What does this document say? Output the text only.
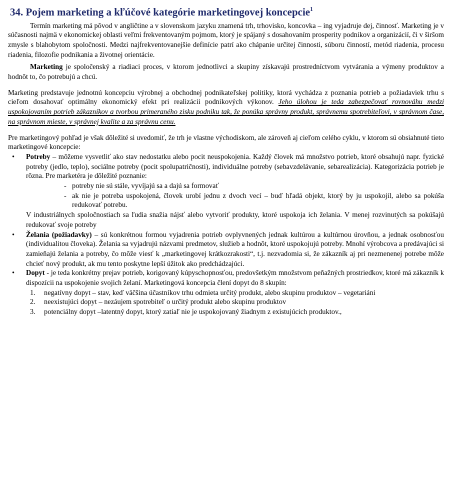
34. Pojem marketing a kľúčové kategórie marketingovej koncepcie$^1$

Termín marketing má pôvod v angličtine a v slovenskom jazyku znamená trh, trhovisko, koncovka – ing vyjadruje dej, činnosť. Marketing je v súčasnosti najmä v ekonomickej oblasti veľmi frekventovaným pojmom, ktorý je spájaný s dosahovaním prosperity podnikov a organizácií, či v širšom zmysle s blahobytom spoločnosti. Medzi najfrekventovanejšie definície patrí ako chápanie určitej činnosti, súboru činností, metód riadenia, procesu riadenia, filozofie podnikania a životnej orientácie.

Marketing je spoločenský a riadiaci proces, v ktorom jednotlivci a skupiny získavajú prostredníctvom vytvárania a výmeny produktov a hodnôt to, čo potrebujú a chcú.

Marketing predstavuje jednotnú koncepciu výrobnej a obchodnej podnikateľskej politiky, ktorá vychádza z poznania potrieb a požiadaviek trhu s cieľom dosahovať optimálny ekonomický efekt pri realizácii podnikových výkonov. Jeho úlohou je teda zabezpečovať rovnováhu medzi uspokojovaním potrieb zákazníkov a tvorbou primeraného zisku podniku tak, že ponúka správny produkt, správnemu spotrebiteľovi, v správnom čase, na správnom mieste, v správnej kvalite a za správnu cenu.

Pre marketingový pohľad je však dôležité si uvedomiť, že trh je vlastne východiskom, ale zároveň aj cieľom celého cyklu, v ktorom sú obsiahnuté tieto marketingové koncepcie:

• Potreby – môžeme vysvetliť ako stav nedostatku alebo pocit neuspokojenia. Každý človek má množstvo potrieb, ktoré obsahujú napr. fyzické potreby (jedlo, teplo), sociálne potreby (pocit spolupatričnosti), individuálne potreby (sebavzdelávanie, sebarealizácia). Kategorizácia potrieb je rôzna. Pre marketéra je dôležité poznanie:

- potreby nie sú stále, vyvíjajú sa a dajú sa formovať

- ak nie je potreba uspokojená, človek urobí jednu z dvoch vecí – buď hľadá objekt, ktorý by ju uspokojil, alebo sa pokúša redukovať potrebu.

V industriálnych spoločnostiach sa ľudia snažia nájsť alebo vytvoriť produkty, ktoré uspokoja ich želania. V menej rozvinutých sa pokúšajú redukovať svoje potreby

• Želania (požiadavky) – sú konkrétnou formou vyjadrenia potrieb ovplyvnených jednak kultúrou a kultúrnou úrovňou, a jednak osobnosťou (individualitou človeka). Želania sa vyjadrujú názvami predmetov, služieb a hodnôt, ktoré uspokojujú potreby. Mnohí výrobcova a predávajúci si zamieňajú želania a potreby, čo môže viesť k „marketingovej krátkozrakosti“, t.j. nezvadomia si, že zákazník aj pri nezmenenej potrebe môže chcieť nový produkt, ak mu tento poskytne lepší úžitok ako predchádzajúci.

• Dopyt - je teda konkrétny prejav potrieb, korigovaný kúpyschopnosťou, predovšetkým množstvom peňažných prostriedkov, ktoré má zákazník k dispozícii na uspokojenie svojich želaní. Marketingová koncepcia člení dopyt do 8 skupín:

1. negatívny dopyt – stav, keď väčšina účastníkov trhu odmieta určitý produkt, alebo skupinu produktov – vegetariáni

2. neexistujúci dopyt – nezáujem spotrebiteľ o určitý produkt alebo skupinu produktov

3. potenciálny dopyt –latentný dopyt, ktorý zatiaľ nie je uspokojovaný žiadnym z existujúcich produktov.,
